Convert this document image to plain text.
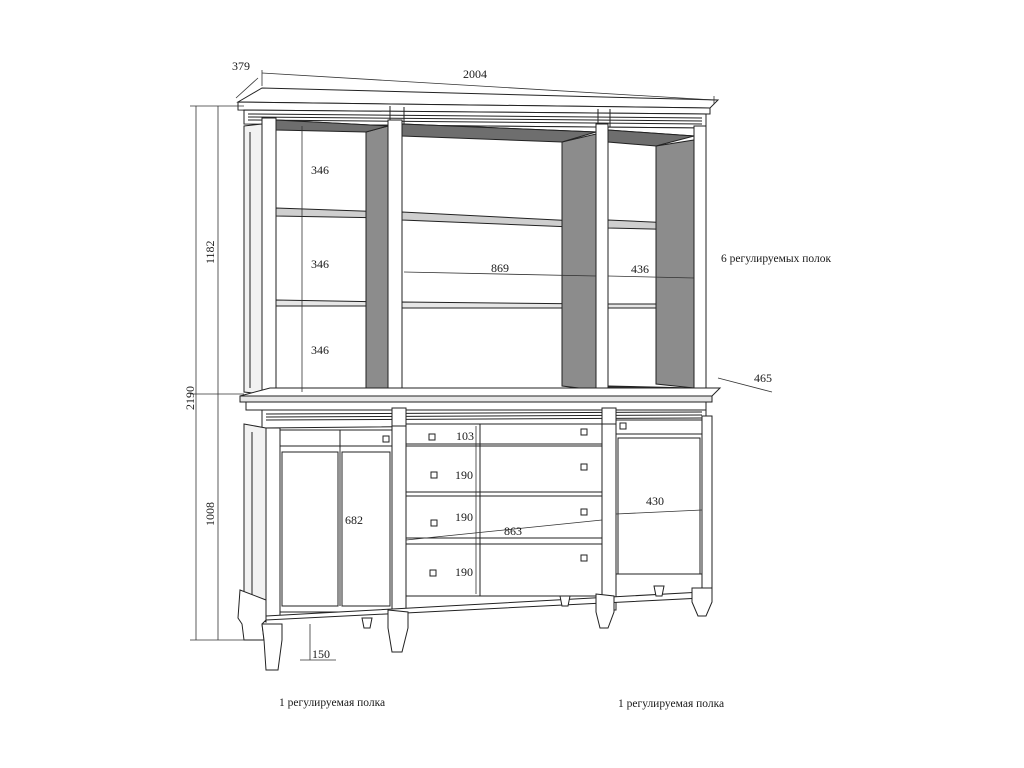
379
2004
2190
1182
1008
150
465
346
346
346
869	436
103
190
190
190
863
682
430
6 регулируемых полок
1 регулируемая полка	1 регулируемая полка
